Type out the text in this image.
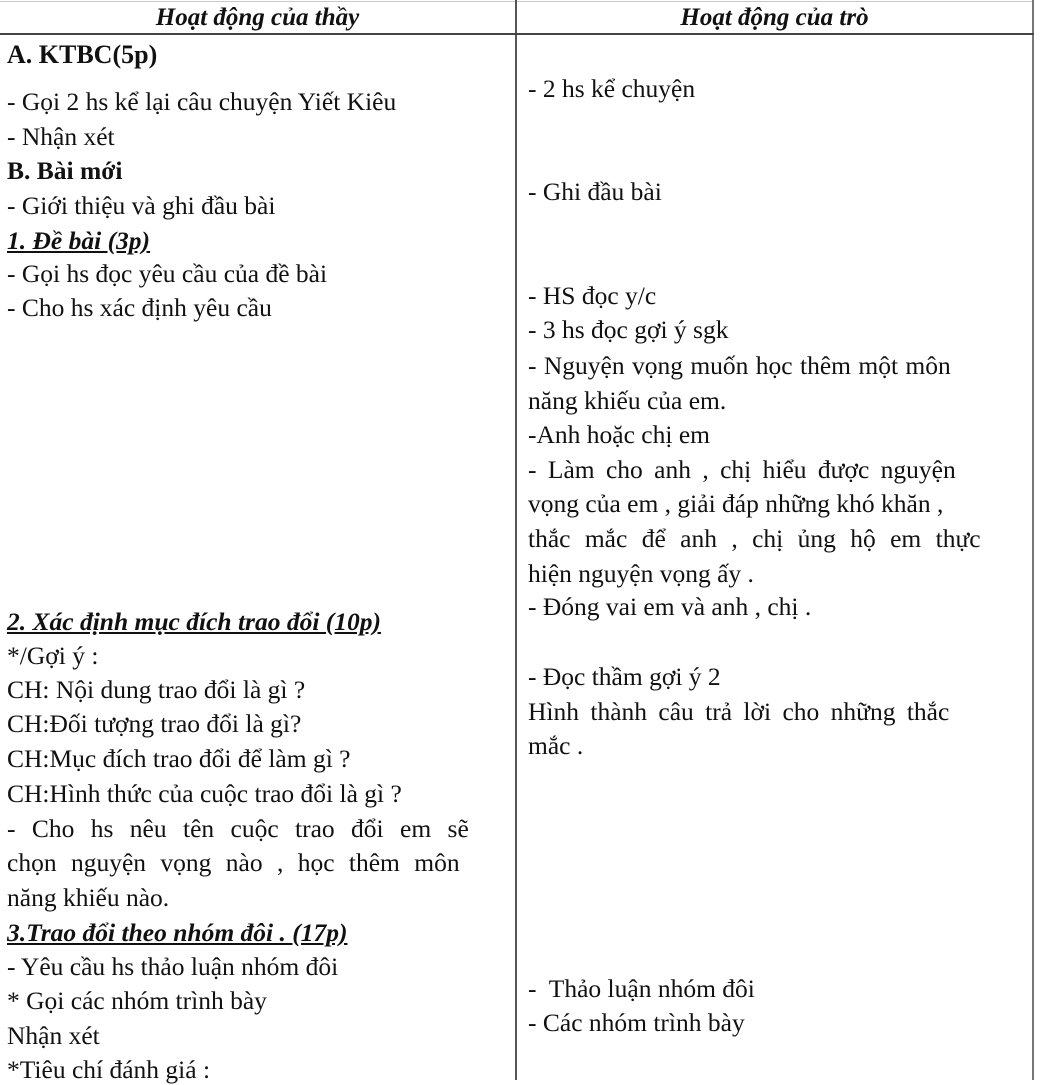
Hoạt động của thầy	Hoạt động của trò
A. KTBC(5p)
- Gọi 2 hs kể lại câu chuyện Yiết Kiêu
- Nhận xét
B. Bài mới
- Giới thiệu và ghi đầu bài
1. Đề bài (3p)
- Gọi hs đọc yêu cầu của đề bài
- Cho hs xác định yêu cầu
2. Xác định mục đích trao đổi (10p)
*/Gợi ý :
CH: Nội dung trao đổi là gì ?
CH:Đối tượng trao đổi là gì?
CH:Mục đích trao đổi để làm gì ?
CH:Hình thức của cuộc trao đổi là gì ?
- Cho hs nêu tên cuộc trao đổi em sẽ
chọn nguyện vọng nào , học thêm môn
năng khiếu nào.
3.Trao đổi theo nhóm đôi . (17p)
- Yêu cầu hs thảo luận nhóm đôi
* Gọi các nhóm trình bày
Nhận xét
*Tiêu chí đánh giá :
- 2 hs kể chuyện
- Ghi đầu bài
- HS đọc y/c
- 3 hs đọc gợi ý sgk
- Nguyện vọng muốn học thêm một môn
năng khiếu của em.
-Anh hoặc chị em
- Làm cho anh , chị hiểu được nguyện
vọng của em , giải đáp những khó khăn ,
thắc mắc để anh , chị ủng hộ em thực
hiện nguyện vọng ấy .
- Đóng vai em và anh , chị .
- Đọc thầm gợi ý 2
Hình thành câu trả lời cho những thắc
mắc .
-  Thảo luận nhóm đôi
- Các nhóm trình bày
